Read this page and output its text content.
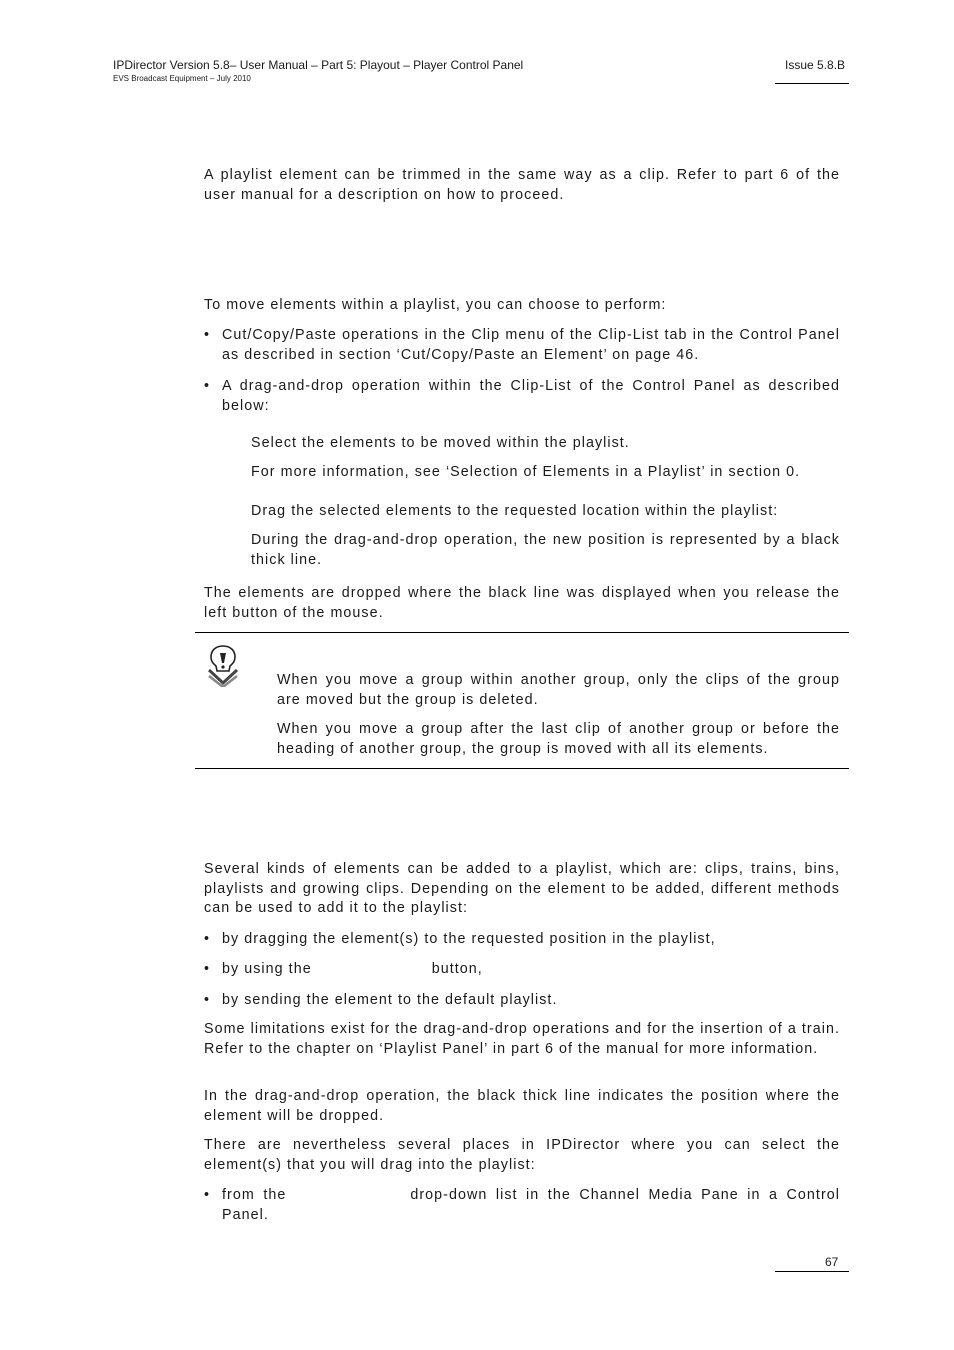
IPDirector Version 5.8– User Manual – Part 5: Playout – Player Control Panel
EVS Broadcast Equipment – July 2010
Issue 5.8.B

A playlist element can be trimmed in the same way as a clip. Refer to part 6 of the user manual for a description on how to proceed.

To move elements within a playlist, you can choose to perform:

• Cut/Copy/Paste operations in the Clip menu of the Clip-List tab in the Control Panel as described in section ‘Cut/Copy/Paste an Element’ on page 46.
• A drag-and-drop operation within the Clip-List of the Control Panel as described below:

Select the elements to be moved within the playlist.

For more information, see ‘Selection of Elements in a Playlist’ in section 0.

Drag the selected elements to the requested location within the playlist:

During the drag-and-drop operation, the new position is represented by a black thick line.

The elements are dropped where the black line was displayed when you release the left button of the mouse.

When you move a group within another group, only the clips of the group are moved but the group is deleted.

When you move a group after the last clip of another group or before the heading of another group, the group is moved with all its elements.

Several kinds of elements can be added to a playlist, which are: clips, trains, bins, playlists and growing clips. Depending on the element to be added, different methods can be used to add it to the playlist:

• by dragging the element(s) to the requested position in the playlist,
• by using the	button,
• by sending the element to the default playlist.

Some limitations exist for the drag-and-drop operations and for the insertion of a train. Refer to the chapter on ‘Playlist Panel’ in part 6 of the manual for more information.

In the drag-and-drop operation, the black thick line indicates the position where the element will be dropped.

There are nevertheless several places in IPDirector where you can select the element(s) that you will drag into the playlist:

• from the	drop-down list in the Channel Media Pane in a Control Panel.
67
